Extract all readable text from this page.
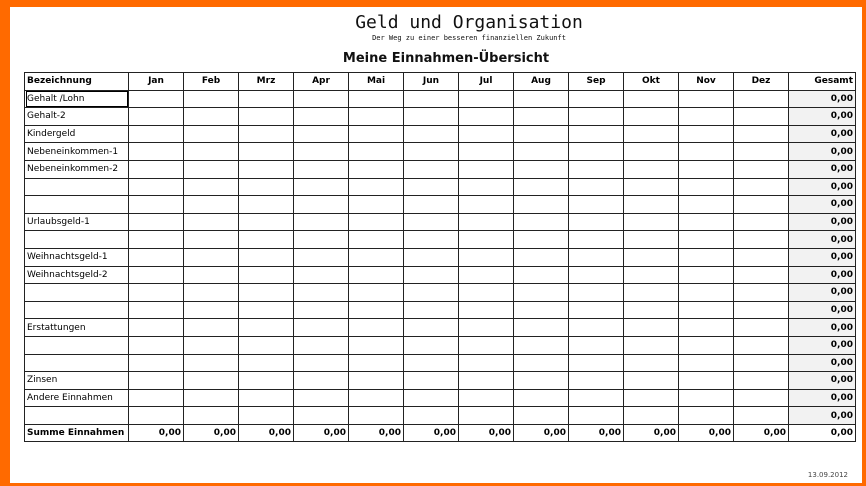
Geld und Organisation
Der Weg zu einer besseren finanziellen Zukunft
Meine Einnahmen-Übersicht
Bezeichnung	Jan	Feb	Mrz	Apr	Mai	Jun	Jul	Aug	Sep	Okt	Nov	Dez	Gesamt
Gehalt /Lohn													0,00
Gehalt-2													0,00
Kindergeld													0,00
Nebeneinkommen-1													0,00
Nebeneinkommen-2													0,00
													0,00
													0,00
Urlaubsgeld-1													0,00
													0,00
Weihnachtsgeld-1													0,00
Weihnachtsgeld-2													0,00
													0,00
													0,00
Erstattungen													0,00
													0,00
													0,00
Zinsen													0,00
Andere Einnahmen													0,00
													0,00
Summe Einnahmen	0,00	0,00	0,00	0,00	0,00	0,00	0,00	0,00	0,00	0,00	0,00	0,00	0,00
13.09.2012
